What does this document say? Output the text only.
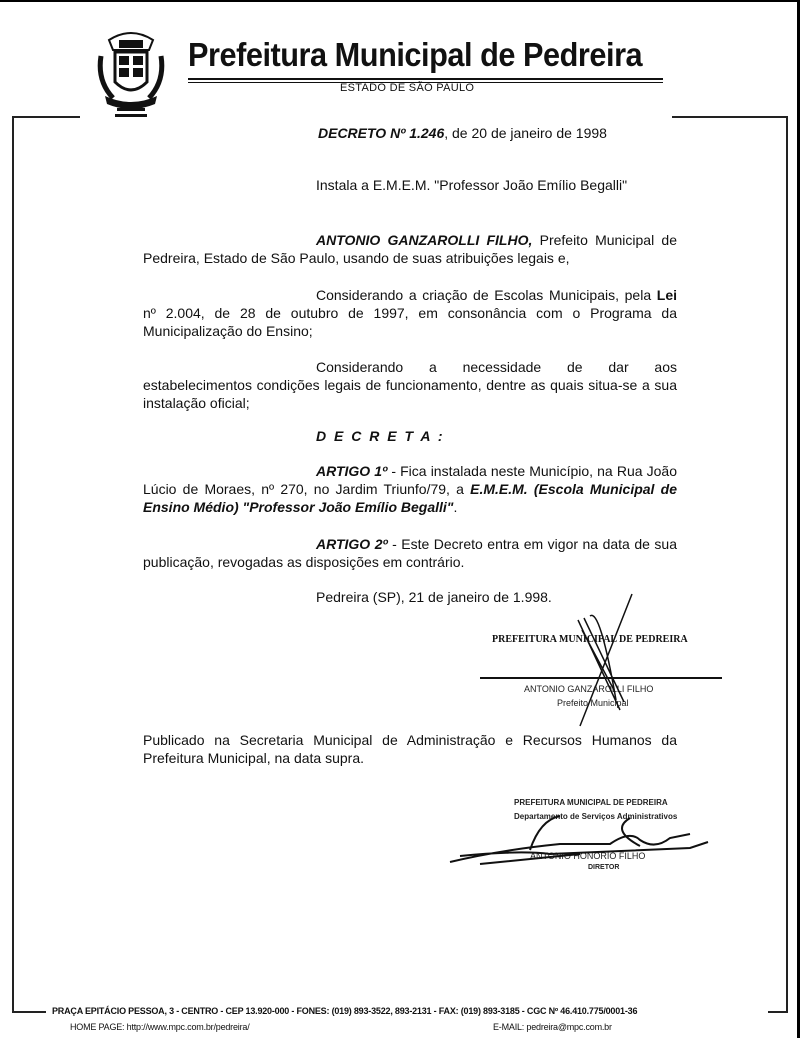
Prefeitura Municipal de Pedreira
ESTADO DE SÃO PAULO
DECRETO Nº 1.246, de 20 de janeiro de 1998
Instala a E.M.E.M. "Professor João Emílio Begalli"
ANTONIO GANZAROLLI FILHO, Prefeito Municipal de Pedreira, Estado de São Paulo, usando de suas atribuições legais e,
Considerando a criação de Escolas Municipais, pela Lei nº 2.004, de 28 de outubro de 1997, em consonância com o Programa da Municipalização do Ensino;
Considerando a necessidade de dar aos estabelecimentos condições legais de funcionamento, dentre as quais situa-se a sua instalação oficial;
D E C R E T A :
ARTIGO 1º - Fica instalada neste Município, na Rua João Lúcio de Moraes, nº 270, no Jardim Triunfo/79, a E.M.E.M. (Escola Municipal de Ensino Médio) "Professor João Emílio Begalli".
ARTIGO 2º - Este Decreto entra em vigor na data de sua publicação, revogadas as disposições em contrário.
Pedreira (SP), 21 de janeiro de 1.998.
PREFEITURA MUNICIPAL DE PEDREIRA
ANTONIO GANZAROLLI FILHO
Prefeito Municipal
Publicado na Secretaria Municipal de Administração e Recursos Humanos da Prefeitura Municipal, na data supra.
PREFEITURA MUNICIPAL DE PEDREIRA
Departamento de Serviços Administrativos
ANTONIO HONORIO FILHO
DIRETOR
PRAÇA EPITÁCIO PESSOA, 3 - CENTRO - CEP 13.920-000 - FONES: (019) 893-3522, 893-2131 - FAX: (019) 893-3185 - CGC Nº 46.410.775/0001-36
HOME PAGE: http://www.mpc.com.br/pedreira/	E-MAIL: pedreira@mpc.com.br
